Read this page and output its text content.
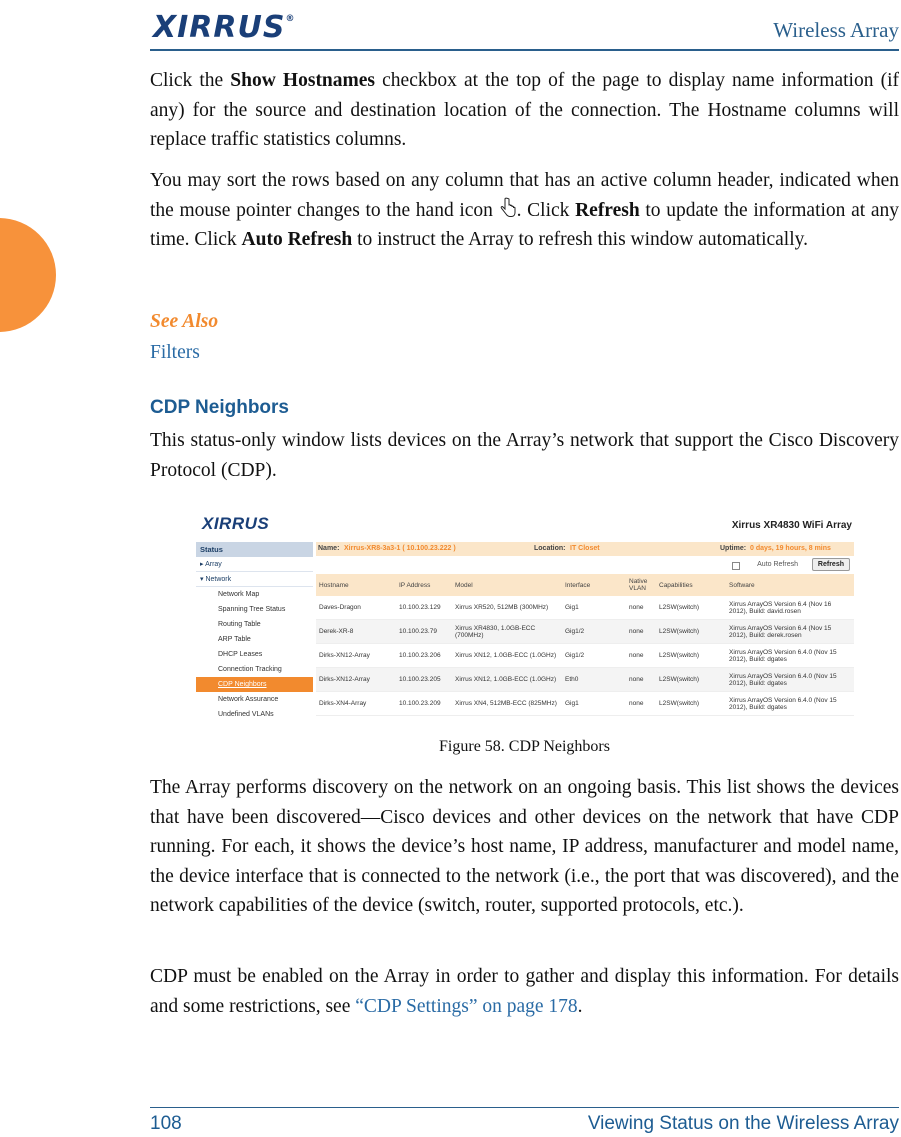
XIRRUS®	Wireless Array
Click the Show Hostnames checkbox at the top of the page to display name information (if any) for the source and destination location of the connection. The Hostname columns will replace traffic statistics columns.
You may sort the rows based on any column that has an active column header, indicated when the mouse pointer changes to the hand icon . Click Refresh to update the information at any time. Click Auto Refresh to instruct the Array to refresh this window automatically.
See Also
Filters
CDP Neighbors
This status-only window lists devices on the Array’s network that support the Cisco Discovery Protocol (CDP).
XIRRUS	Xirrus XR4830 WiFi Array
Status
▸ Array
▾ Network
Network Map
Spanning Tree Status
Routing Table
ARP Table
DHCP Leases
Connection Tracking
CDP Neighbors
Network Assurance
Undefined VLANs
Name: Xirrus-XR8-3a3-1 ( 10.100.23.222 )	Location: IT Closet	Uptime: 0 days, 19 hours, 8 mins
Auto Refresh	Refresh
Hostname	IP Address	Model	Interface	Native VLAN	Capabilities	Software
Daves-Dragon	10.100.23.129	Xirrus XR520, 512MB (300MHz)	Gig1	none	L2SW(switch)	Xirrus ArrayOS Version 6.4 (Nov 16 2012), Build: david.rosen
Derek-XR-8	10.100.23.79	Xirrus XR4830, 1.0GB-ECC (700MHz)	Gig1/2	none	L2SW(switch)	Xirrus ArrayOS Version 6.4 (Nov 15 2012), Build: derek.rosen
Dirks-XN12-Array	10.100.23.206	Xirrus XN12, 1.0GB-ECC (1.0GHz)	Gig1/2	none	L2SW(switch)	Xirrus ArrayOS Version 6.4.0 (Nov 15 2012), Build: dgates
Dirks-XN12-Array	10.100.23.205	Xirrus XN12, 1.0GB-ECC (1.0GHz)	Eth0	none	L2SW(switch)	Xirrus ArrayOS Version 6.4.0 (Nov 15 2012), Build: dgates
Dirks-XN4-Array	10.100.23.209	Xirrus XN4, 512MB-ECC (825MHz)	Gig1	none	L2SW(switch)	Xirrus ArrayOS Version 6.4.0 (Nov 15 2012), Build: dgates
Figure 58. CDP Neighbors
The Array performs discovery on the network on an ongoing basis. This list shows the devices that have been discovered—Cisco devices and other devices on the network that have CDP running. For each, it shows the device’s host name, IP address, manufacturer and model name, the device interface that is connected to the network (i.e., the port that was discovered), and the network capabilities of the device (switch, router, supported protocols, etc.).
CDP must be enabled on the Array in order to gather and display this information. For details and some restrictions, see “CDP Settings” on page 178.
108	Viewing Status on the Wireless Array
